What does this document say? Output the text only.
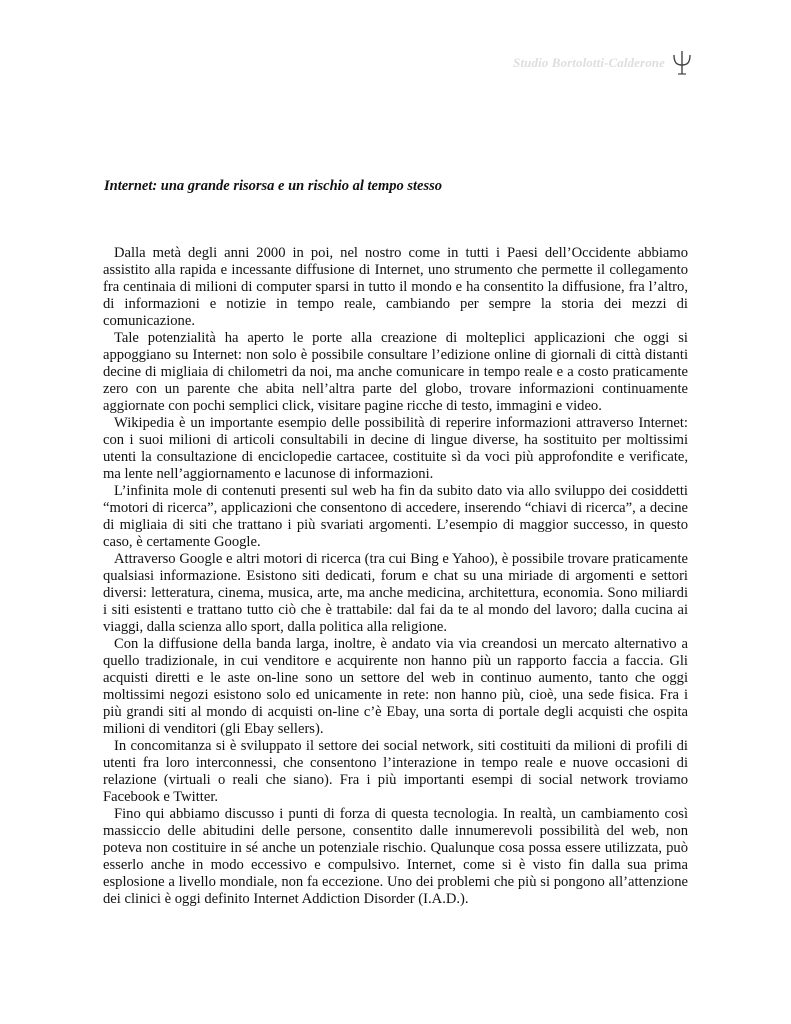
Studio Bortolotti-Calderone
Internet: una grande risorsa e un rischio al tempo stesso

Dalla metà degli anni 2000 in poi, nel nostro come in tutti i Paesi dell’Occidente abbiamo assistito alla rapida e incessante diffusione di Internet, uno strumento che permette il collegamento fra centinaia di milioni di computer sparsi in tutto il mondo e ha consentito la diffusione, fra l’altro, di informazioni e notizie in tempo reale, cambiando per sempre la storia dei mezzi di comunicazione.

Tale potenzialità ha aperto le porte alla creazione di molteplici applicazioni che oggi si appoggiano su Internet: non solo è possibile consultare l’edizione online di giornali di città distanti decine di migliaia di chilometri da noi, ma anche comunicare in tempo reale e a costo praticamente zero con un parente che abita nell’altra parte del globo, trovare informazioni continuamente aggiornate con pochi semplici click, visitare pagine ricche di testo, immagini e video.

Wikipedia è un importante esempio delle possibilità di reperire informazioni attraverso Internet: con i suoi milioni di articoli consultabili in decine di lingue diverse, ha sostituito per moltissimi utenti la consultazione di enciclopedie cartacee, costituite sì da voci più approfondite e verificate, ma lente nell’aggiornamento e lacunose di informazioni.

L’infinita mole di contenuti presenti sul web ha fin da subito dato via allo sviluppo dei cosiddetti “motori di ricerca”, applicazioni che consentono di accedere, inserendo “chiavi di ricerca”, a decine di migliaia di siti che trattano i più svariati argomenti. L’esempio di maggior successo, in questo caso, è certamente Google.

Attraverso Google e altri motori di ricerca (tra cui Bing e Yahoo), è possibile trovare praticamente qualsiasi informazione. Esistono siti dedicati, forum e chat su una miriade di argomenti e settori diversi: letteratura, cinema, musica, arte, ma anche medicina, architettura, economia. Sono miliardi i siti esistenti e trattano tutto ciò che è trattabile: dal fai da te al mondo del lavoro; dalla cucina ai viaggi, dalla scienza allo sport, dalla politica alla religione.

Con la diffusione della banda larga, inoltre, è andato via via creandosi un mercato alternativo a quello tradizionale, in cui venditore e acquirente non hanno più un rapporto faccia a faccia. Gli acquisti diretti e le aste on-line sono un settore del web in continuo aumento, tanto che oggi moltissimi negozi esistono solo ed unicamente in rete: non hanno più, cioè, una sede fisica. Fra i più grandi siti al mondo di acquisti on-line c’è Ebay, una sorta di portale degli acquisti che ospita milioni di venditori (gli Ebay sellers).

In concomitanza si è sviluppato il settore dei social network, siti costituiti da milioni di profili di utenti fra loro interconnessi, che consentono l’interazione in tempo reale e nuove occasioni di relazione (virtuali o reali che siano). Fra i più importanti esempi di social network troviamo Facebook e Twitter.

Fino qui abbiamo discusso i punti di forza di questa tecnologia. In realtà, un cambiamento così massiccio delle abitudini delle persone, consentito dalle innumerevoli possibilità del web, non poteva non costituire in sé anche un potenziale rischio. Qualunque cosa possa essere utilizzata, può esserlo anche in modo eccessivo e compulsivo. Internet, come si è visto fin dalla sua prima esplosione a livello mondiale, non fa eccezione. Uno dei problemi che più si pongono all’attenzione dei clinici è oggi definito Internet Addiction Disorder (I.A.D.).
